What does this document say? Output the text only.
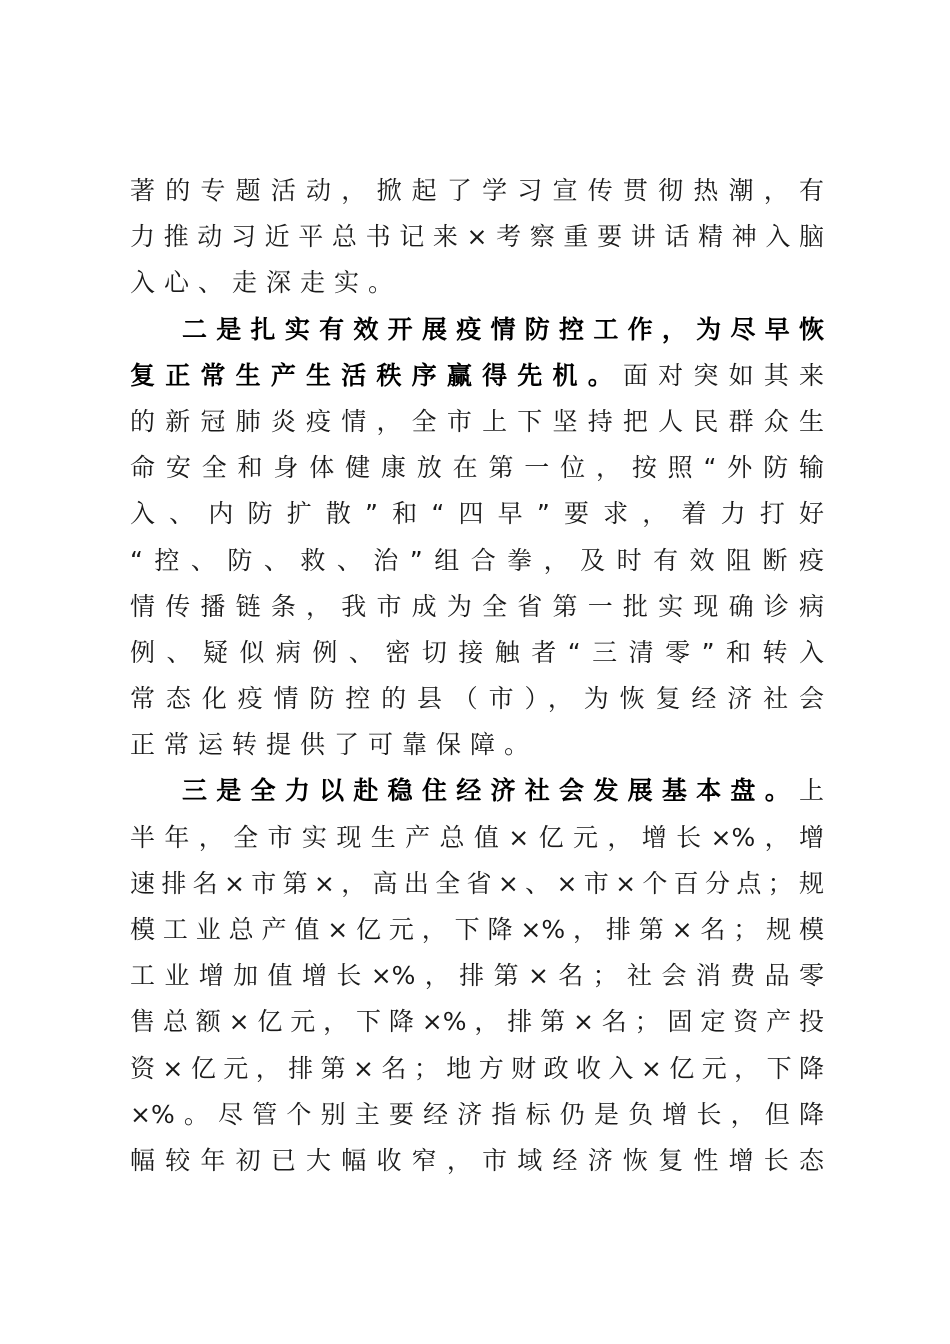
著的专题活动，掀起了学习宣传贯彻热潮，有
力推动习近平总书记来×考察重要讲话精神入脑
入心、走深走实。
二是扎实有效开展疫情防控工作，为尽早恢
复正常生产生活秩序赢得先机。面对突如其来
的新冠肺炎疫情，全市上下坚持把人民群众生
命安全和身体健康放在第一位，按照“外防输
入、内防扩散”和“四早”要求，着力打好
“控、防、救、治”组合拳，及时有效阻断疫
情传播链条，我市成为全省第一批实现确诊病
例、疑似病例、密切接触者“三清零”和转入
常态化疫情防控的县（市），为恢复经济社会
正常运转提供了可靠保障。
三是全力以赴稳住经济社会发展基本盘。上
半年，全市实现生产总值×亿元，增长×%，增
速排名×市第×，高出全省×、×市×个百分点；规
模工业总产值×亿元，下降×%，排第×名；规模
工业增加值增长×%，排第×名；社会消费品零
售总额×亿元，下降×%，排第×名；固定资产投
资×亿元，排第×名；地方财政收入×亿元，下降
×%。尽管个别主要经济指标仍是负增长，但降
幅较年初已大幅收窄，市域经济恢复性增长态
